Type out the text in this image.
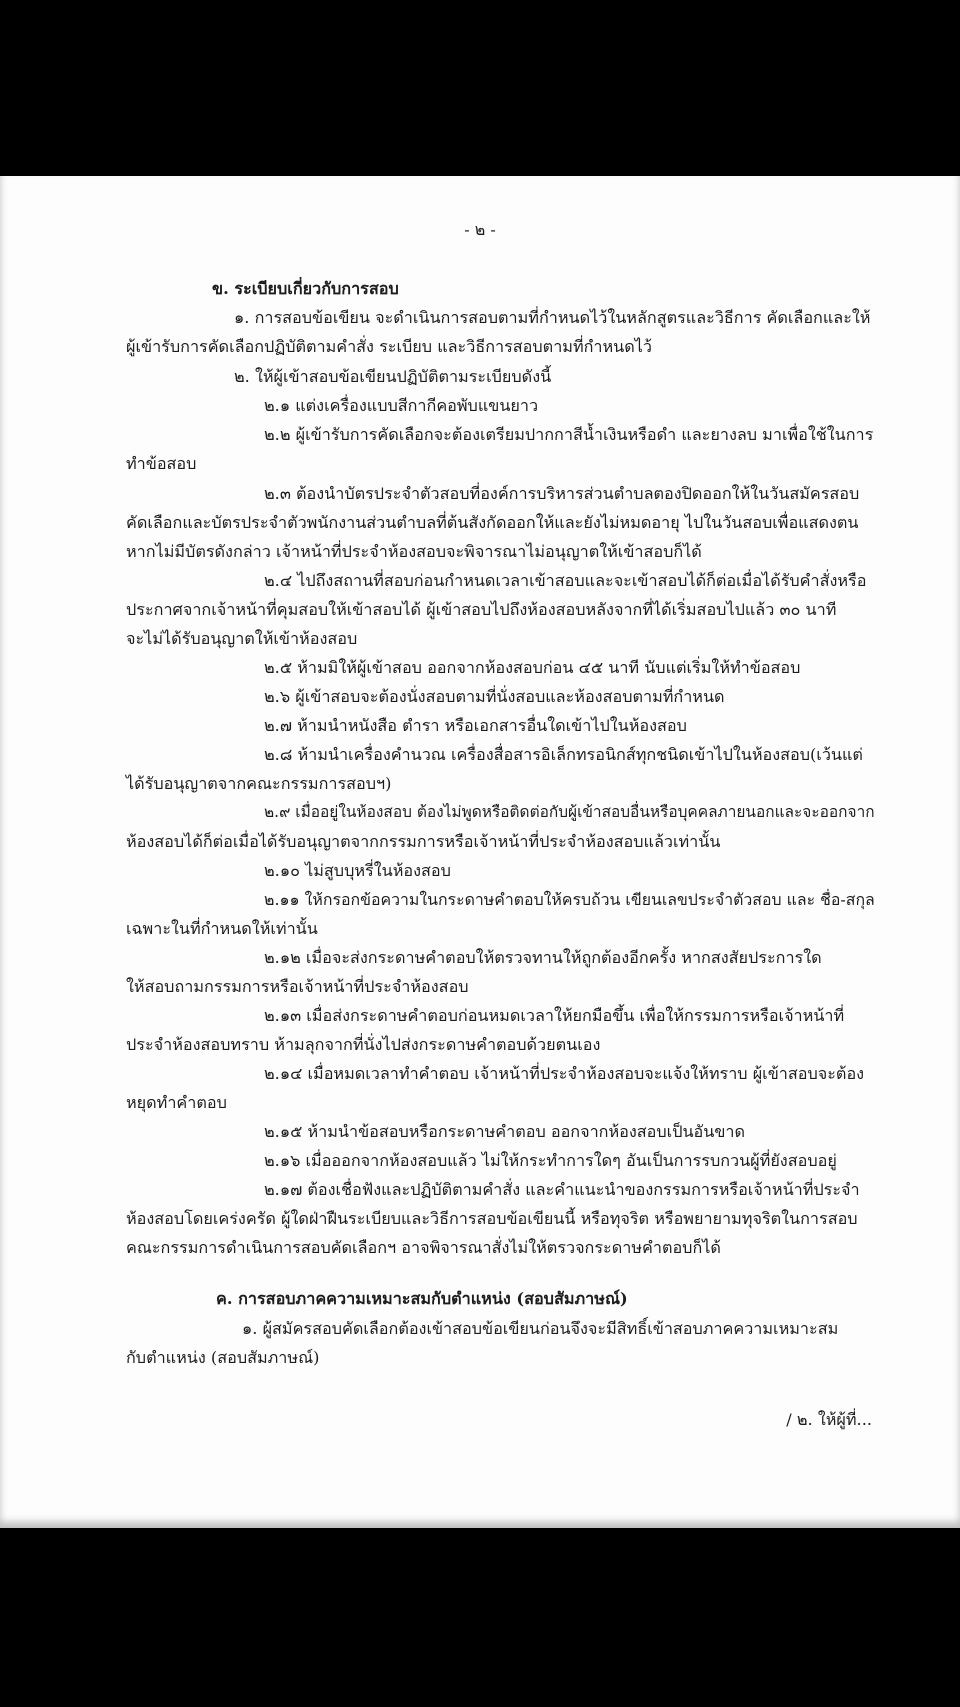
- ๒ -
ข. ระเบียบเกี่ยวกับการสอบ
๑. การสอบข้อเขียน จะดำเนินการสอบตามที่กำหนดไว้ในหลักสูตรและวิธีการ คัดเลือกและให้
ผู้เข้ารับการคัดเลือกปฏิบัติตามคำสั่ง ระเบียบ และวิธีการสอบตามที่กำหนดไว้
๒. ให้ผู้เข้าสอบข้อเขียนปฏิบัติตามระเบียบดังนี้
๒.๑ แต่งเครื่องแบบสีกากีคอพับแขนยาว
๒.๒ ผู้เข้ารับการคัดเลือกจะต้องเตรียมปากกาสีน้ำเงินหรือดำ และยางลบ มาเพื่อใช้ในการ
ทำข้อสอบ
๒.๓ ต้องนำบัตรประจำตัวสอบที่องค์การบริหารส่วนตำบลตองปิดออกให้ในวันสมัครสอบ
คัดเลือกและบัตรประจำตัวพนักงานส่วนตำบลที่ต้นสังกัดออกให้และยังไม่หมดอายุ ไปในวันสอบเพื่อแสดงตน
หากไม่มีบัตรดังกล่าว เจ้าหน้าที่ประจำห้องสอบจะพิจารณาไม่อนุญาตให้เข้าสอบก็ได้
๒.๔ ไปถึงสถานที่สอบก่อนกำหนดเวลาเข้าสอบและจะเข้าสอบได้ก็ต่อเมื่อได้รับคำสั่งหรือ
ประกาศจากเจ้าหน้าที่คุมสอบให้เข้าสอบได้ ผู้เข้าสอบไปถึงห้องสอบหลังจากที่ได้เริ่มสอบไปแล้ว ๓๐ นาที
จะไม่ได้รับอนุญาตให้เข้าห้องสอบ
๒.๕ ห้ามมิให้ผู้เข้าสอบ ออกจากห้องสอบก่อน ๔๕ นาที นับแต่เริ่มให้ทำข้อสอบ
๒.๖ ผู้เข้าสอบจะต้องนั่งสอบตามที่นั่งสอบและห้องสอบตามที่กำหนด
๒.๗ ห้ามนำหนังสือ ตำรา หรือเอกสารอื่นใดเข้าไปในห้องสอบ
๒.๘ ห้ามนำเครื่องคำนวณ เครื่องสื่อสารอิเล็กทรอนิกส์ทุกชนิดเข้าไปในห้องสอบ(เว้นแต่
ได้รับอนุญาตจากคณะกรรมการสอบฯ)
๒.๙ เมื่ออยู่ในห้องสอบ ต้องไม่พูดหรือติดต่อกับผู้เข้าสอบอื่นหรือบุคคลภายนอกและจะออกจาก
ห้องสอบได้ก็ต่อเมื่อได้รับอนุญาตจากกรรมการหรือเจ้าหน้าที่ประจำห้องสอบแล้วเท่านั้น
๒.๑๐ ไม่สูบบุหรี่ในห้องสอบ
๒.๑๑ ให้กรอกข้อความในกระดาษคำตอบให้ครบถ้วน เขียนเลขประจำตัวสอบ และ ชื่อ-สกุล
เฉพาะในที่กำหนดให้เท่านั้น
๒.๑๒ เมื่อจะส่งกระดาษคำตอบให้ตรวจทานให้ถูกต้องอีกครั้ง หากสงสัยประการใด
ให้สอบถามกรรมการหรือเจ้าหน้าที่ประจำห้องสอบ
๒.๑๓ เมื่อส่งกระดาษคำตอบก่อนหมดเวลาให้ยกมือขึ้น เพื่อให้กรรมการหรือเจ้าหน้าที่
ประจำห้องสอบทราบ ห้ามลุกจากที่นั่งไปส่งกระดาษคำตอบด้วยตนเอง
๒.๑๔ เมื่อหมดเวลาทำคำตอบ เจ้าหน้าที่ประจำห้องสอบจะแจ้งให้ทราบ ผู้เข้าสอบจะต้อง
หยุดทำคำตอบ
๒.๑๕ ห้ามนำข้อสอบหรือกระดาษคำตอบ ออกจากห้องสอบเป็นอันขาด
๒.๑๖ เมื่อออกจากห้องสอบแล้ว ไม่ให้กระทำการใดๆ อันเป็นการรบกวนผู้ที่ยังสอบอยู่
๒.๑๗ ต้องเชื่อฟังและปฏิบัติตามคำสั่ง และคำแนะนำของกรรมการหรือเจ้าหน้าที่ประจำ
ห้องสอบโดยเคร่งครัด ผู้ใดฝ่าฝืนระเบียบและวิธีการสอบข้อเขียนนี้ หรือทุจริต หรือพยายามทุจริตในการสอบ
คณะกรรมการดำเนินการสอบคัดเลือกฯ อาจพิจารณาสั่งไม่ให้ตรวจกระดาษคำตอบก็ได้
ค. การสอบภาคความเหมาะสมกับตำแหน่ง (สอบสัมภาษณ์)
๑. ผู้สมัครสอบคัดเลือกต้องเข้าสอบข้อเขียนก่อนจึงจะมีสิทธิ์เข้าสอบภาคความเหมาะสม
กับตำแหน่ง (สอบสัมภาษณ์)
/ ๒. ให้ผู้ที่...
